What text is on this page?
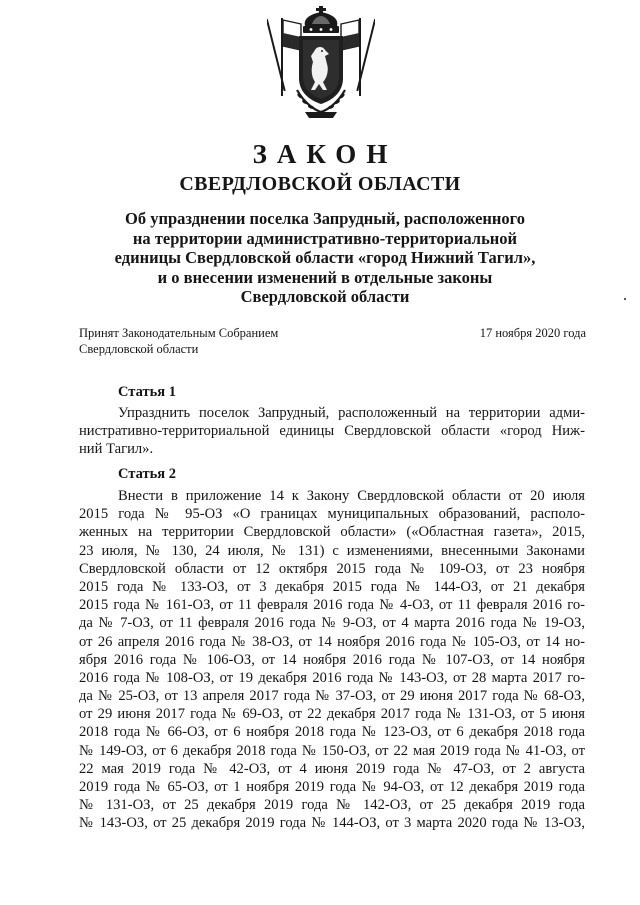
ЗАКОН
СВЕРДЛОВСКОЙ ОБЛАСТИ
Об упразднении поселка Запрудный, расположенного
на территории административно-территориальной
единицы Свердловской области «город Нижний Тагил»,
и о внесении изменений в отдельные законы
Свердловской области
Принят Законодательным Собранием
Свердловской области
17 ноября 2020 года
Статья 1
Упразднить поселок Запрудный, расположенный на территории адми-
нистративно-территориальной единицы Свердловской области «город Ниж-
ний Тагил».
Статья 2
Внести в приложение 14 к Закону Свердловской области от 20 июля
2015 года № 95-ОЗ «О границах муниципальных образований, располо-
женных на территории Свердловской области» («Областная газета», 2015,
23 июля, № 130, 24 июля, № 131) с изменениями, внесенными Законами
Свердловской области от 12 октября 2015 года № 109-ОЗ, от 23 ноября
2015 года № 133-ОЗ, от 3 декабря 2015 года № 144-ОЗ, от 21 декабря
2015 года № 161-ОЗ, от 11 февраля 2016 года № 4-ОЗ, от 11 февраля 2016 го-
да № 7-ОЗ, от 11 февраля 2016 года № 9-ОЗ, от 4 марта 2016 года № 19-ОЗ,
от 26 апреля 2016 года № 38-ОЗ, от 14 ноября 2016 года № 105-ОЗ, от 14 но-
ября 2016 года № 106-ОЗ, от 14 ноября 2016 года № 107-ОЗ, от 14 ноября
2016 года № 108-ОЗ, от 19 декабря 2016 года № 143-ОЗ, от 28 марта 2017 го-
да № 25-ОЗ, от 13 апреля 2017 года № 37-ОЗ, от 29 июня 2017 года № 68-ОЗ,
от 29 июня 2017 года № 69-ОЗ, от 22 декабря 2017 года № 131-ОЗ, от 5 июня
2018 года № 66-ОЗ, от 6 ноября 2018 года № 123-ОЗ, от 6 декабря 2018 года
№ 149-ОЗ, от 6 декабря 2018 года № 150-ОЗ, от 22 мая 2019 года № 41-ОЗ, от
22 мая 2019 года № 42-ОЗ, от 4 июня 2019 года № 47-ОЗ, от 2 августа
2019 года № 65-ОЗ, от 1 ноября 2019 года № 94-ОЗ, от 12 декабря 2019 года
№ 131-ОЗ, от 25 декабря 2019 года № 142-ОЗ, от 25 декабря 2019 года
№ 143-ОЗ, от 25 декабря 2019 года № 144-ОЗ, от 3 марта 2020 года № 13-ОЗ,
